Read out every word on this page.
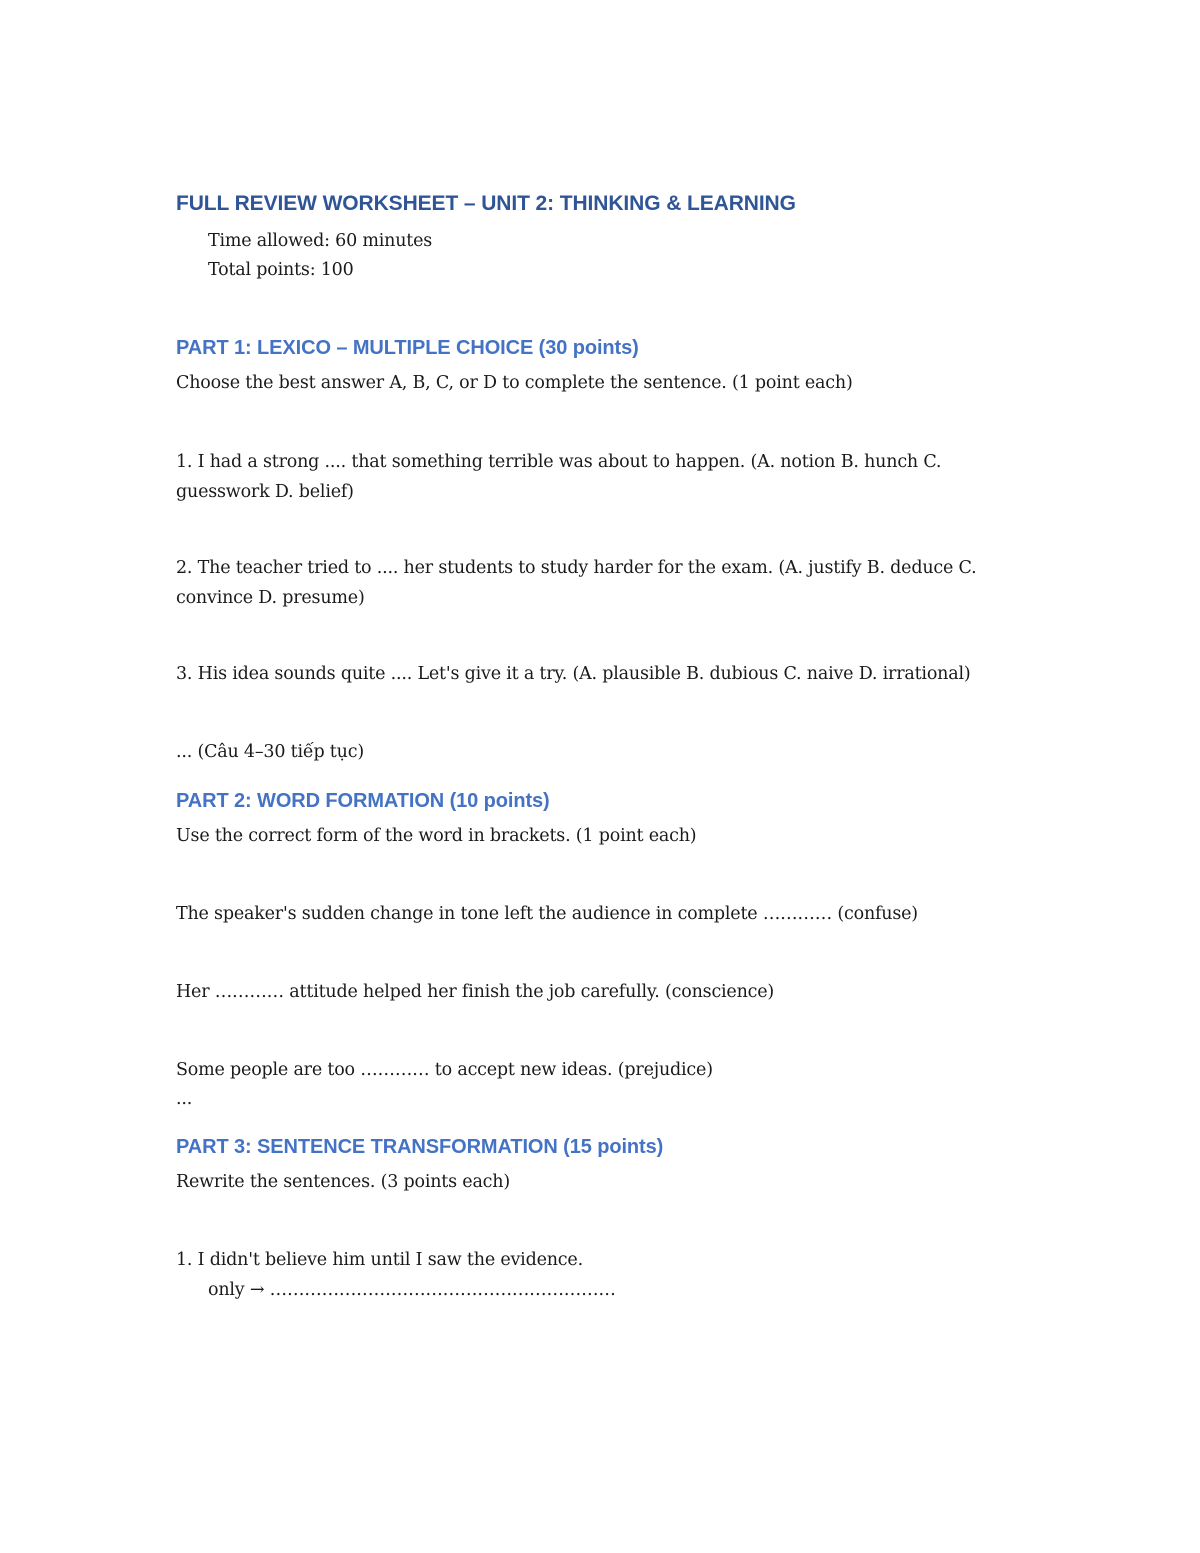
FULL REVIEW WORKSHEET – UNIT 2: THINKING & LEARNING

Time allowed: 60 minutes

Total points: 100

PART 1: LEXICO – MULTIPLE CHOICE (30 points)

Choose the best answer A, B, C, or D to complete the sentence. (1 point each)

1. I had a strong .... that something terrible was about to happen. (A. notion B. hunch C. guesswork D. belief)

2. The teacher tried to .... her students to study harder for the exam. (A. justify B. deduce C. convince D. presume)

3. His idea sounds quite .... Let's give it a try. (A. plausible B. dubious C. naive D. irrational)

... (Câu 4–30 tiếp tục)

PART 2: WORD FORMATION (10 points)

Use the correct form of the word in brackets. (1 point each)

The speaker's sudden change in tone left the audience in complete ………… (confuse)

Her ………… attitude helped her finish the job carefully. (conscience)

Some people are too ………… to accept new ideas. (prejudice)

...

PART 3: SENTENCE TRANSFORMATION (15 points)

Rewrite the sentences. (3 points each)

1. I didn't believe him until I saw the evidence.

only → ……………………………………………………
